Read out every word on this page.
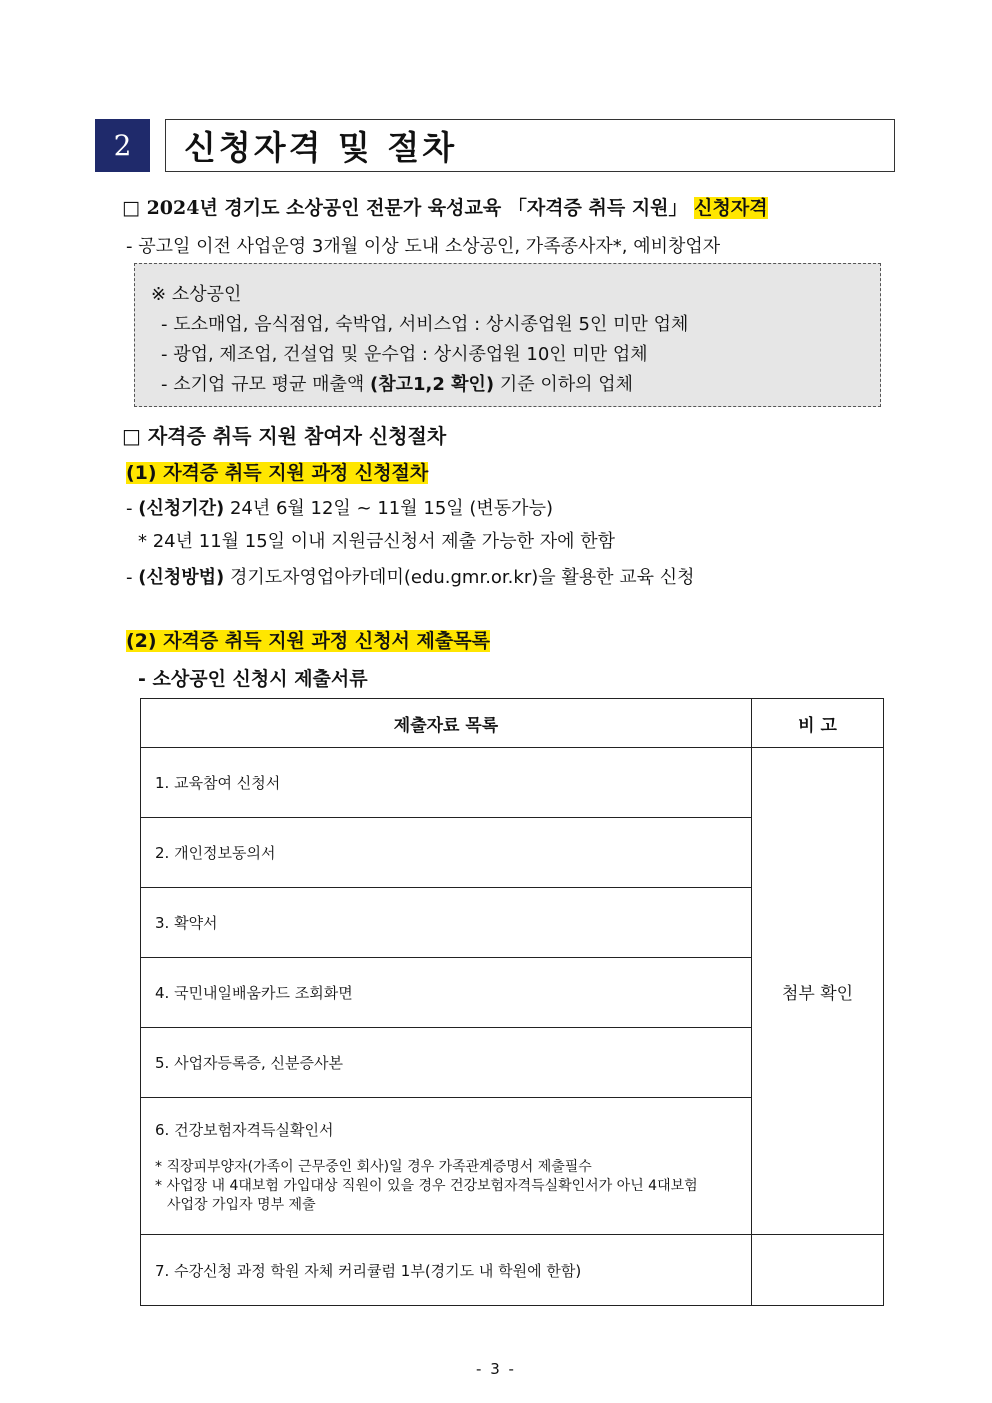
2	신청자격 및 절차
□ 2024년 경기도 소상공인 전문가 육성교육 「자격증 취득 지원」 신청자격
- 공고일 이전 사업운영 3개월 이상 도내 소상공인, 가족종사자*, 예비창업자
※ 소상공인
- 도소매업, 음식점업, 숙박업, 서비스업 : 상시종업원 5인 미만 업체
- 광업, 제조업, 건설업 및 운수업 : 상시종업원 10인 미만 업체
- 소기업 규모 평균 매출액 (참고1,2 확인) 기준 이하의 업체
□ 자격증 취득 지원 참여자 신청절차
(1) 자격증 취득 지원 과정 신청절차
- (신청기간) 24년 6월 12일 ~ 11월 15일 (변동가능)
* 24년 11월 15일 이내 지원금신청서 제출 가능한 자에 한함
- (신청방법) 경기도자영업아카데미(edu.gmr.or.kr)을 활용한 교육 신청
(2) 자격증 취득 지원 과정 신청서 제출목록
- 소상공인 신청시 제출서류
제출자료 목록	비 고
1. 교육참여 신청서	첨부 확인
2. 개인정보동의서	
3. 확약서	
4. 국민내일배움카드 조회화면	
5. 사업자등록증, 신분증사본	

6. 건강보험자격득실확인서
* 직장피부양자(가족이 근무중인 회사)일 경우 가족관계증명서 제출필수
* 사업장 내 4대보험 가입대상 직원이 있을 경우 건강보험자격득실확인서가 아닌 4대보험
사업장 가입자 명부 제출	

7. 수강신청 과정 학원 자체 커리큘럼 1부(경기도 내 학원에 한함)	
- 3 -
